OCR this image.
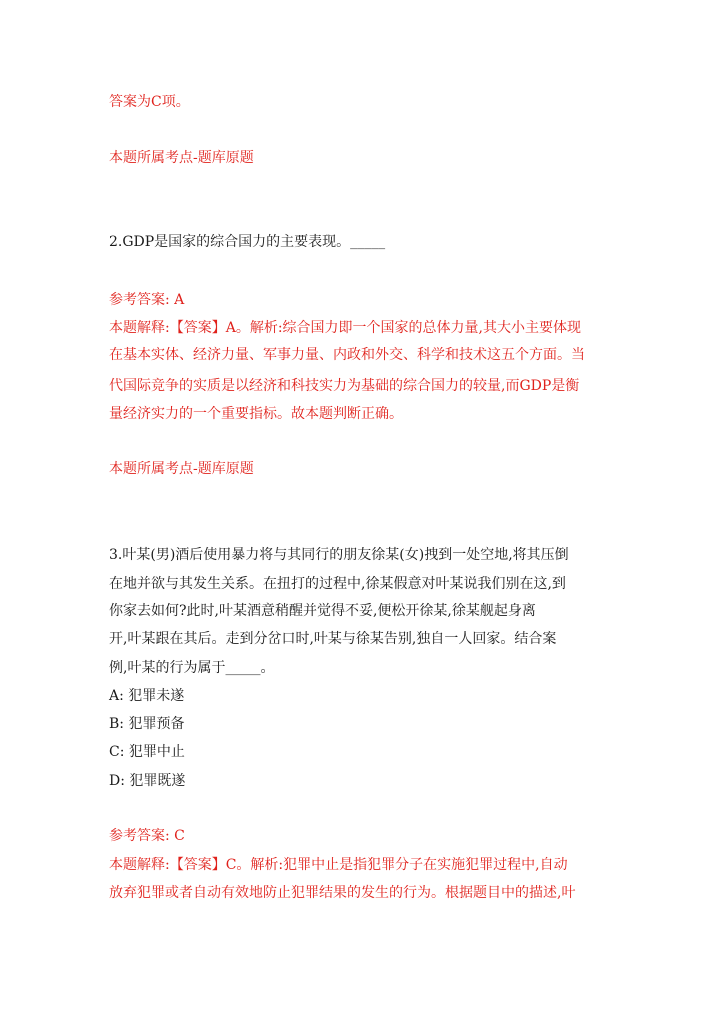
答案为C项。
本题所属考点-题库原题
2.GDP是国家的综合国力的主要表现。_____
参考答案: A
本题解释:【答案】A。解析:综合国力即一个国家的总体力量,其大小主要体现
在基本实体、经济力量、军事力量、内政和外交、科学和技术这五个方面。当
代国际竞争的实质是以经济和科技实力为基础的综合国力的较量,而GDP是衡
量经济实力的一个重要指标。故本题判断正确。
本题所属考点-题库原题
3.叶某(男)酒后使用暴力将与其同行的朋友徐某(女)拽到一处空地,将其压倒
在地并欲与其发生关系。在扭打的过程中,徐某假意对叶某说我们别在这,到
你家去如何?此时,叶某酒意稍醒并觉得不妥,便松开徐某,徐某舰起身离
开,叶某跟在其后。走到分岔口时,叶某与徐某告别,独自一人回家。结合案
例,叶某的行为属于_____。
A: 犯罪未遂
B: 犯罪预备
C: 犯罪中止
D: 犯罪既遂
参考答案: C
本题解释:【答案】C。解析:犯罪中止是指犯罪分子在实施犯罪过程中,自动
放弃犯罪或者自动有效地防止犯罪结果的发生的行为。根据题目中的描述,叶
